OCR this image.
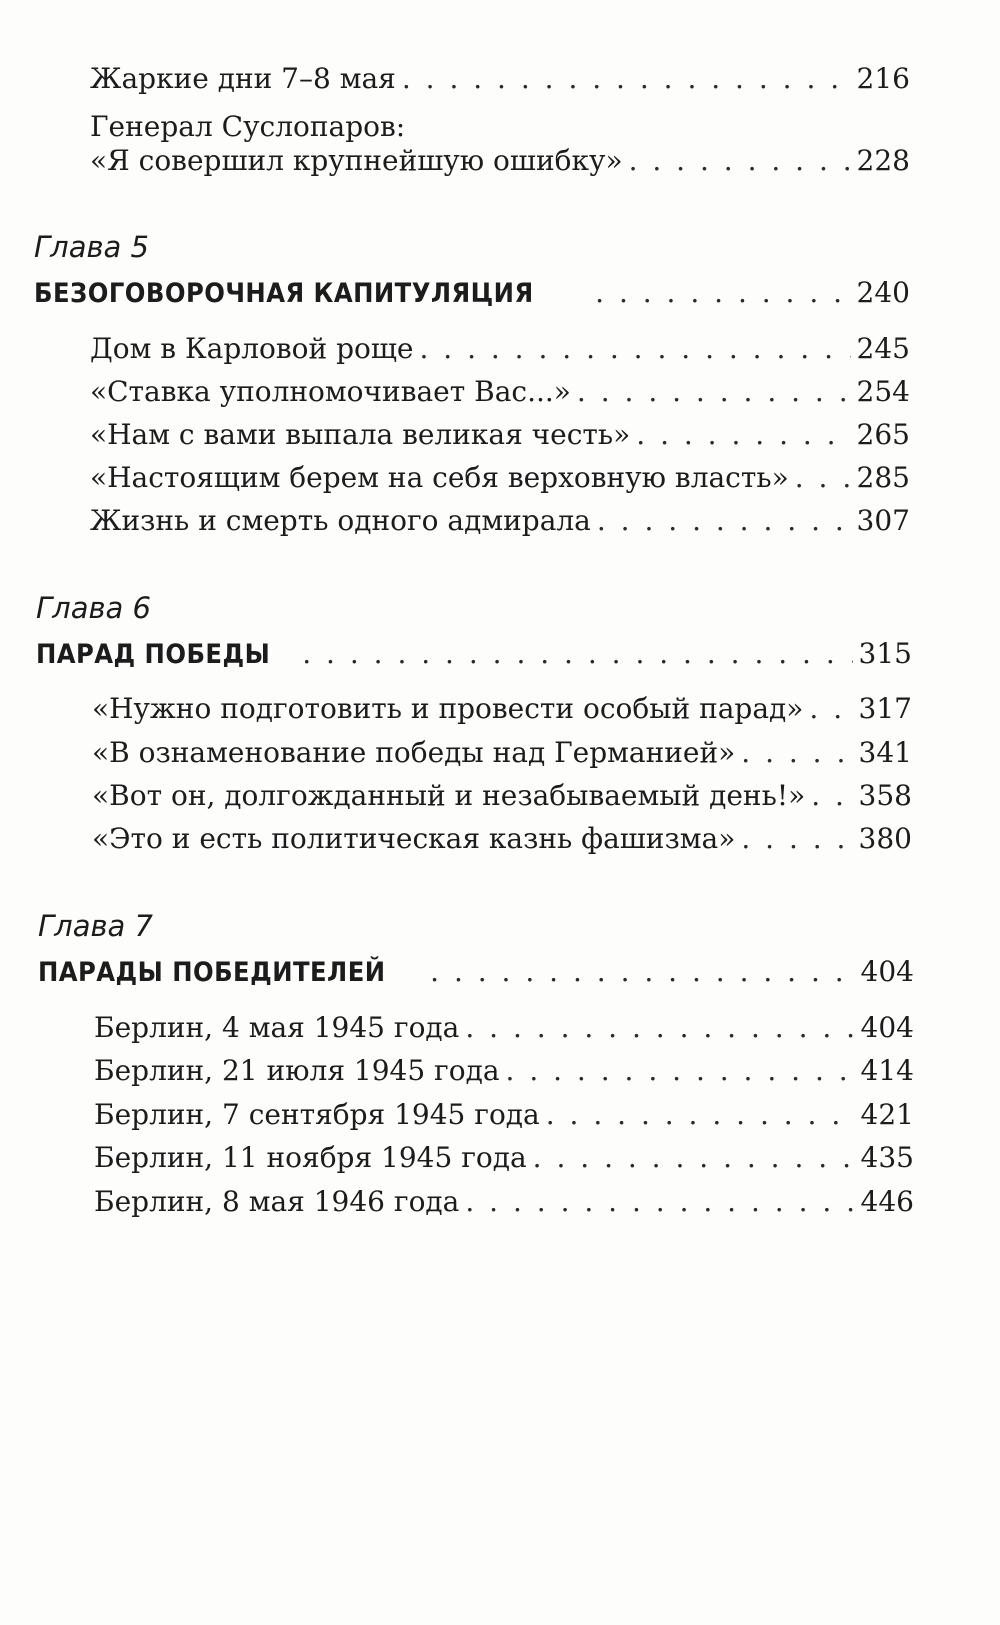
Жаркие дни 7–8 мая . . .	216
Генерал Суслопаров:
«Я совершил крупнейшую ошибку» . . .	228
Глава 5
БЕЗОГОВОРОЧНАЯ КАПИТУЛЯЦИЯ . . .	240
Дом в Карловой роще . . .	245
«Ставка уполномочивает Вас...» . . .	254
«Нам с вами выпала великая честь» . . .	265
«Настоящим берем на себя верховную власть» . . . 285
Жизнь и смерть одного адмирала . . .	307
Глава 6
ПАРАД ПОБЕДЫ . . .	315
«Нужно подготовить и провести особый парад» . . . 317
«В ознаменование победы над Германией» . . .	341
«Вот он, долгожданный и незабываемый день!» . . . 358
«Это и есть политическая казнь фашизма» . . .	380
Глава 7
ПАРАДЫ ПОБЕДИТЕЛЕЙ . . .	404
Берлин, 4 мая 1945 года . . .	404
Берлин, 21 июля 1945 года . . .	414
Берлин, 7 сентября 1945 года . . .	421
Берлин, 11 ноября 1945 года . . .	435
Берлин, 8 мая 1946 года . . .	446
